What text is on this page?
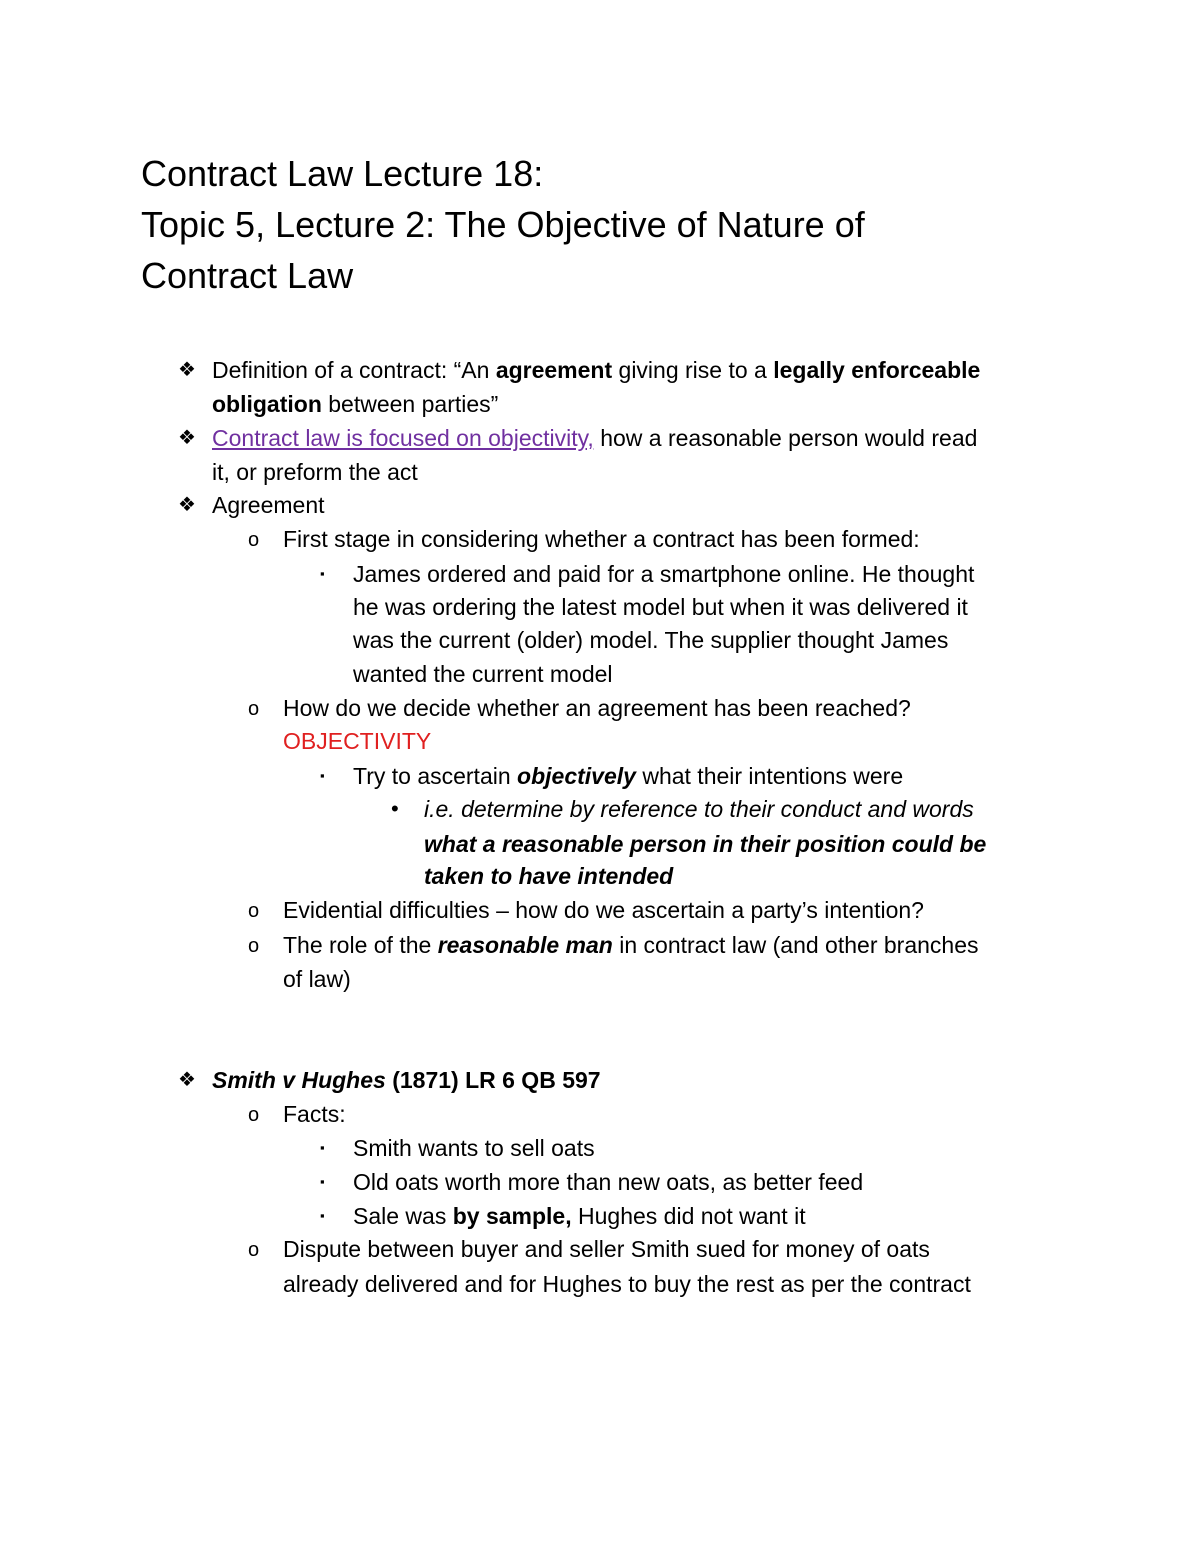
Contract Law Lecture 18:
Topic 5, Lecture 2: The Objective of Nature of
Contract Law
❖ Definition of a contract: “An agreement giving rise to a legally enforceable
obligation between parties”
❖ Contract law is focused on objectivity, how a reasonable person would read
it, or preform the act
❖ Agreement
o First stage in considering whether a contract has been formed:
▪ James ordered and paid for a smartphone online. He thought
he was ordering the latest model but when it was delivered it
was the current (older) model. The supplier thought James
wanted the current model
o How do we decide whether an agreement has been reached?
OBJECTIVITY
▪ Try to ascertain objectively what their intentions were
• i.e. determine by reference to their conduct and words
what a reasonable person in their position could be
taken to have intended
o Evidential difficulties – how do we ascertain a party’s intention?
o The role of the reasonable man in contract law (and other branches
of law)
❖ Smith v Hughes (1871) LR 6 QB 597
o Facts:
▪ Smith wants to sell oats
▪ Old oats worth more than new oats, as better feed
▪ Sale was by sample, Hughes did not want it
o Dispute between buyer and seller Smith sued for money of oats
already delivered and for Hughes to buy the rest as per the contract
